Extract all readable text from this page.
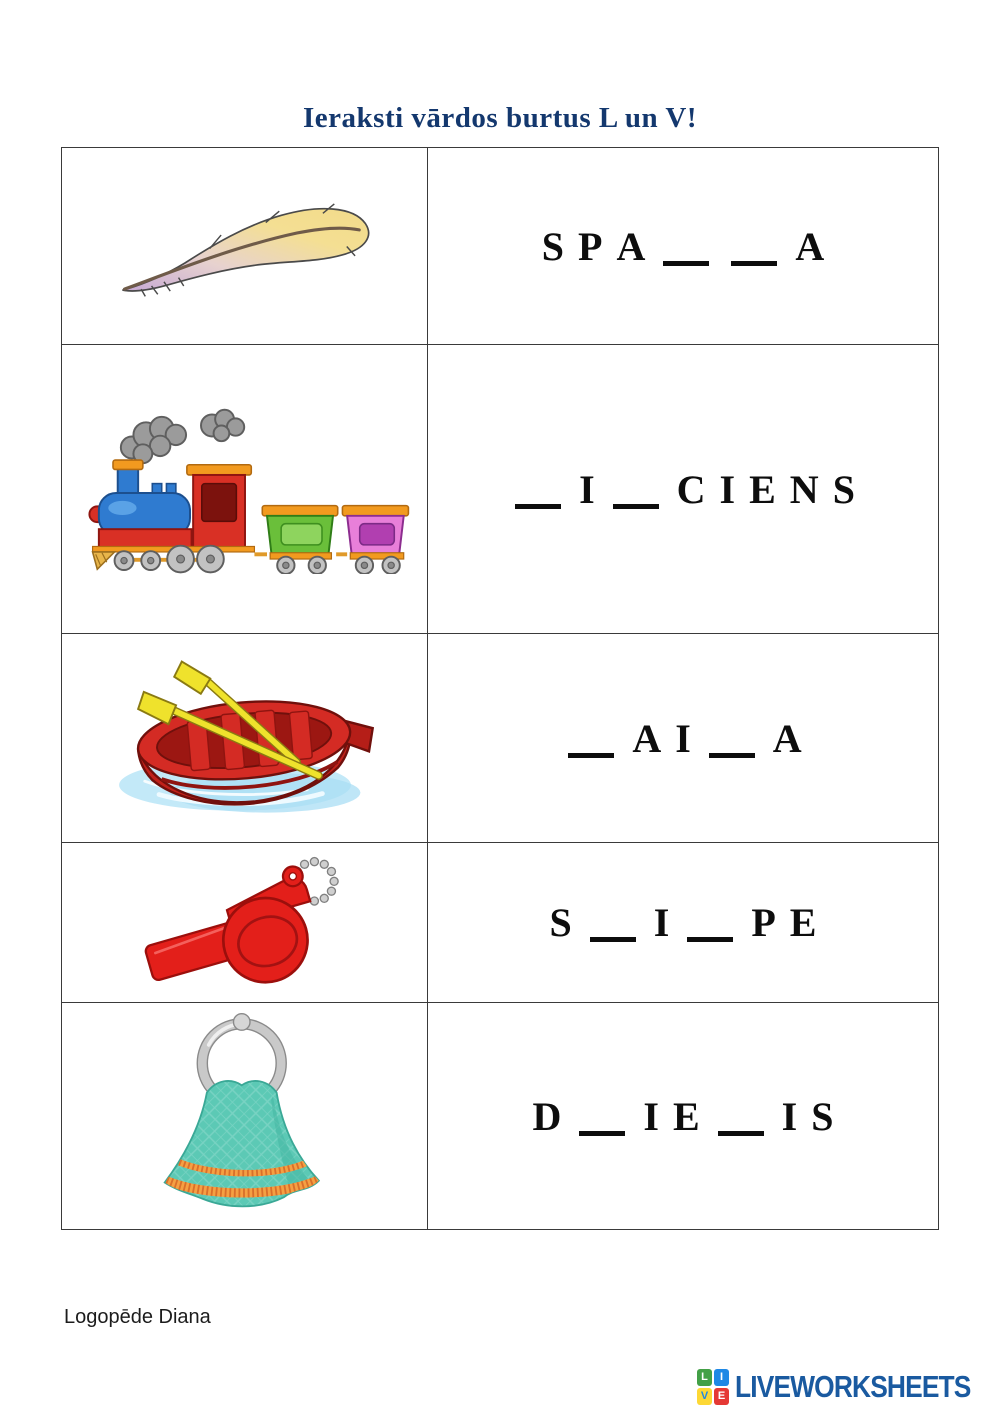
Ieraksti vārdos burtus L un V!
S P A	A
I C I E N S
A I A
S I P E
D I E I S
Logopēde Diana
L	I
V E LIVEWORKSHEETS
